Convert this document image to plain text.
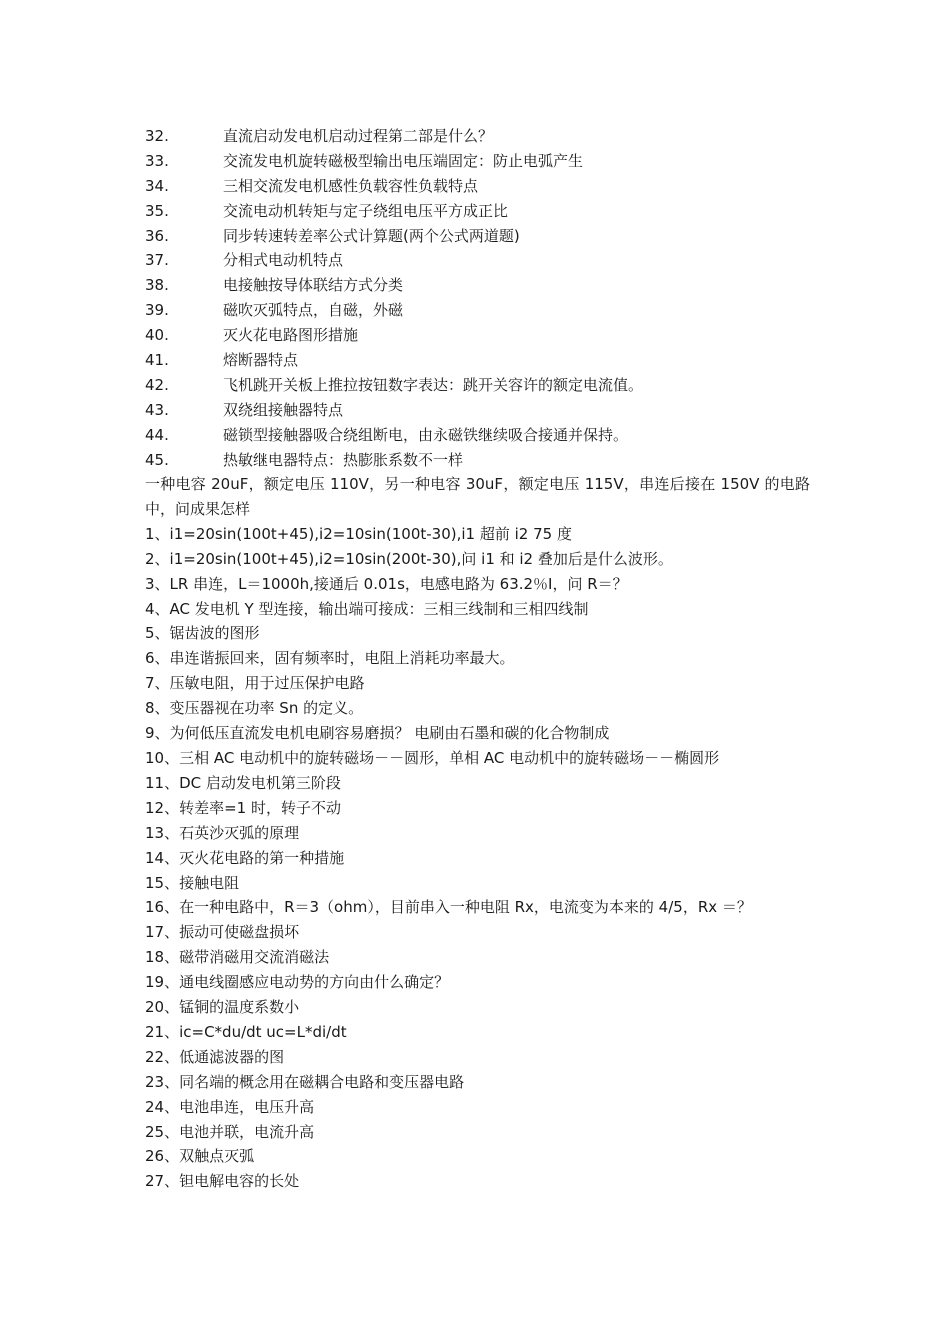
32.	直流启动发电机启动过程第二部是什么？
33.	交流发电机旋转磁极型输出电压端固定：防止电弧产生
34.	三相交流发电机感性负载容性负载特点
35.	交流电动机转矩与定子绕组电压平方成正比
36.	同步转速转差率公式计算题(两个公式两道题)
37.	分相式电动机特点
38.	电接触按导体联结方式分类
39.	磁吹灭弧特点，自磁，外磁
40.	灭火花电路图形措施
41.	熔断器特点
42.	飞机跳开关板上推拉按钮数字表达：跳开关容许的额定电流值。
43.	双绕组接触器特点
44.	磁锁型接触器吸合绕组断电，由永磁铁继续吸合接通并保持。
45.	热敏继电器特点：热膨胀系数不一样
一种电容 20uF，额定电压 110V，另一种电容 30uF，额定电压 115V，串连后接在 150V 的电路中，问成果怎样
1、i1=20sin(100t+45),i2=10sin(100t-30),i1 超前 i2 75 度
2、i1=20sin(100t+45),i2=10sin(200t-30),问 i1 和 i2 叠加后是什么波形。
3、LR 串连，L＝1000h,接通后 0.01s，电感电路为 63.2％I，问 R＝？
4、AC 发电机 Y 型连接，输出端可接成：三相三线制和三相四线制
5、锯齿波的图形
6、串连谐振回来，固有频率时，电阻上消耗功率最大。
7、压敏电阻，用于过压保护电路
8、变压器视在功率 Sn 的定义。
9、为何低压直流发电机电刷容易磨损？ 电刷由石墨和碳的化合物制成
10、三相 AC 电动机中的旋转磁场－－圆形，单相 AC 电动机中的旋转磁场－－椭圆形
11、DC 启动发电机第三阶段
12、转差率=1 时，转子不动
13、石英沙灭弧的原理
14、灭火花电路的第一种措施
15、接触电阻
16、在一种电路中，R＝3（ohm），目前串入一种电阻 Rx，电流变为本来的 4/5，Rx ＝？
17、振动可使磁盘损坏
18、磁带消磁用交流消磁法
19、通电线圈感应电动势的方向由什么确定？
20、锰铜的温度系数小
21、ic=C*du/dt uc=L*di/dt
22、低通滤波器的图
23、同名端的概念用在磁耦合电路和变压器电路
24、电池串连，电压升高
25、电池并联，电流升高
26、双触点灭弧
27、钽电解电容的长处
